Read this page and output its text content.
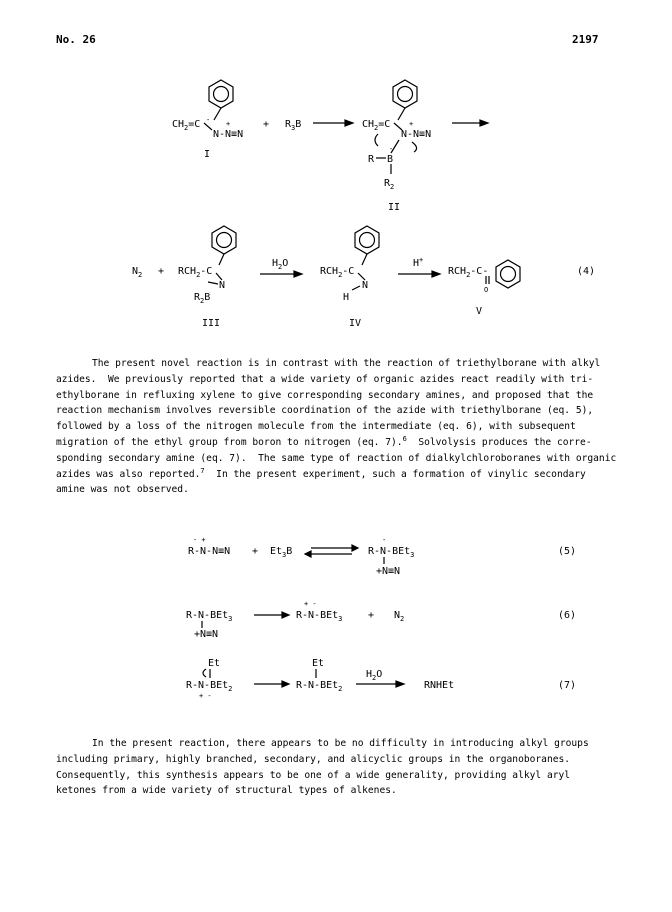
No. 26	2197
$CH_2=C$
N-N≡N
- +
I
+ $R_3B$	$CH_2=C$
N-N≡N
+
R B
-
$R_2$
II
$N_2 + RCH_2-C$
N
$R_2B$
III
$H_2O$
$RCH_2-C$
N
H
IV
H+
$RCH_2-C-$
O
V
(4)
The present novel reaction is in contrast with the reaction of triethylborane with alkyl
azides.  We previously reported that a wide variety of organic azides react readily with tri-
ethylborane in refluxing xylene to give corresponding secondary amines, and proposed that the
reaction mechanism involves reversible coordination of the azide with triethylborane (eq. 5),
followed by a loss of the nitrogen molecule from the intermediate (eq. 6), with subsequent
migration of the ethyl group from boron to nitrogen (eq. 7).$^6$  Solvolysis produces the corre-
sponding secondary amine (eq. 7).  The same type of reaction of dialkylchloroboranes with organic
azides was also reported.$^7$  In the present experiment, such a formation of vinylic secondary
amine was not observed.
- +
$R-N-N\equiv N + Et_3B$
-
R-N-BEt$_3$
+N≡N
(5)
R-N-BEt$_3$
+N≡N
+ -
R-N-BEt$_3$	+ $N_2$	(6)
Et
R-N-BEt$_2$
+ -
Et
R-N-BEt$_2$
$H_2O$
RNHEt	(7)
In the present reaction, there appears to be no difficulty in introducing alkyl groups
including primary, highly branched, secondary, and alicyclic groups in the organoboranes.
Consequently, this synthesis appears to be one of a wide generality, providing alkyl aryl
ketones from a wide variety of structural types of alkenes.
